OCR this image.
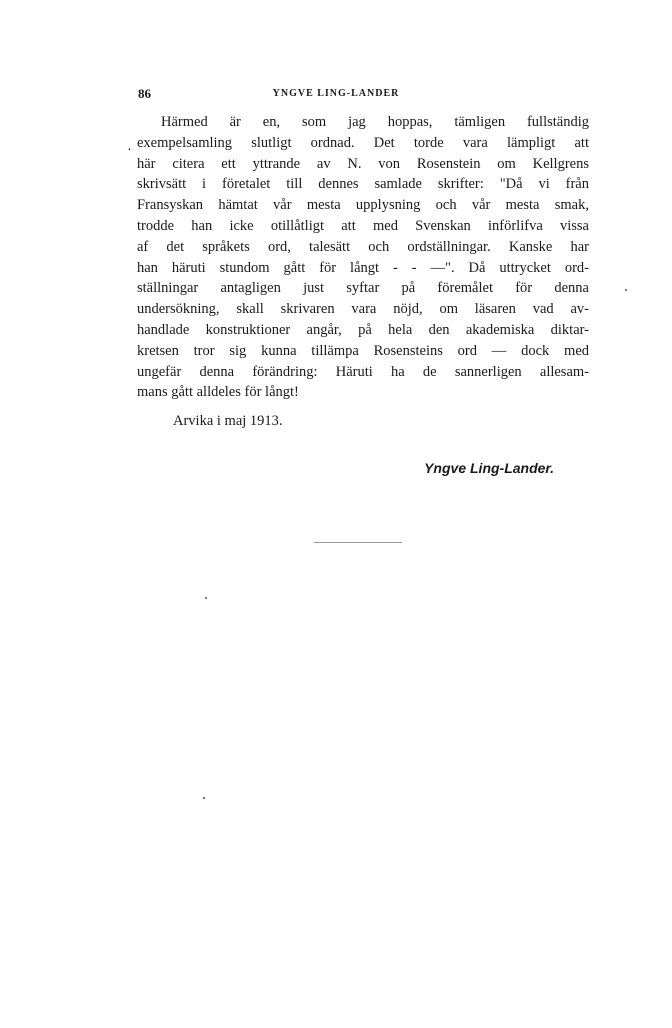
86	YNGVE LING-LANDER
·
Härmed är en, som jag hoppas, tämligen fullständig
exempelsamling slutligt ordnad. Det torde vara lämpligt att
här citera ett yttrande av N. von Rosenstein om Kellgrens
skrivsätt i företalet till dennes samlade skrifter: "Då vi från
Fransyskan hämtat vår mesta upplysning och vår mesta smak,
trodde han icke otillåtligt att med Svenskan införlifva vissa
af det språkets ord, talesätt och ordställningar. Kanske har
han häruti stundom gått för långt - - —". Då uttrycket ord-
ställningar antagligen just syftar på föremålet för denna
undersökning, skall skrivaren vara nöjd, om läsaren vad av-
handlade konstruktioner angår, på hela den akademiska diktar-
kretsen tror sig kunna tillämpa Rosensteins ord — dock med
ungefär denna förändring: Häruti ha de sannerligen allesam-
mans gått alldeles för långt!
Arvika i maj 1913.
Yngve Ling-Lander.
